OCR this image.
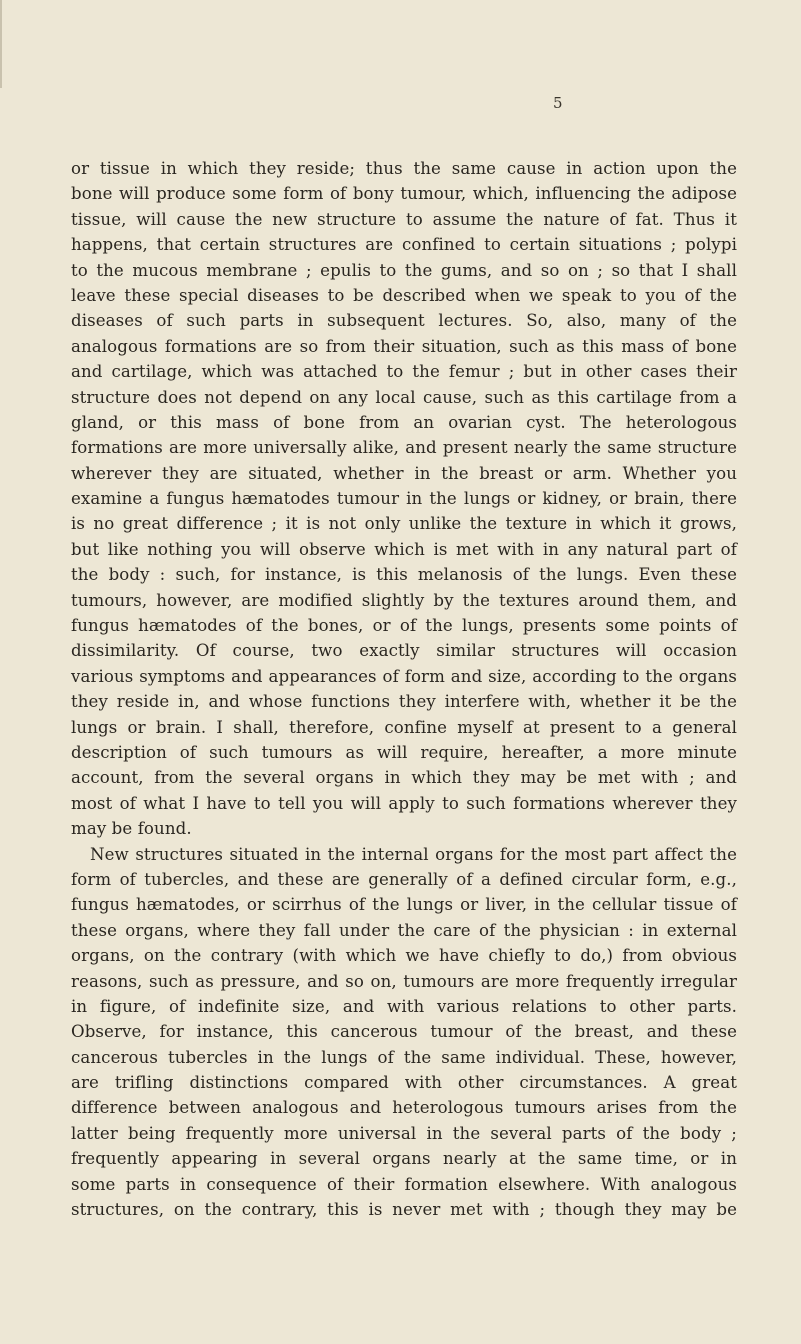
5
or tissue in which they reside; thus the same cause in action upon the
bone will produce some form of bony tumour, which, influencing the adipose
tissue, will cause the new structure to assume the nature of fat. Thus it
happens, that certain structures are confined to certain situations ; polypi
to the mucous membrane ; epulis to the gums, and so on ; so that I shall
leave these special diseases to be described when we speak to you of the
diseases of such parts in subsequent lectures. So, also, many of the
analogous formations are so from their situation, such as this mass of bone
and cartilage, which was attached to the femur ; but in other cases their
structure does not depend on any local cause, such as this cartilage from a
gland, or this mass of bone from an ovarian cyst. The heterologous
formations are more universally alike, and present nearly the same structure
wherever they are situated, whether in the breast or arm. Whether you
examine a fungus hæmatodes tumour in the lungs or kidney, or brain, there
is no great difference ; it is not only unlike the texture in which it grows,
but like nothing you will observe which is met with in any natural part of
the body : such, for instance, is this melanosis of the lungs. Even these
tumours, however, are modified slightly by the textures around them, and
fungus hæmatodes of the bones, or of the lungs, presents some points of
dissimilarity. Of course, two exactly similar structures will occasion
various symptoms and appearances of form and size, according to the organs
they reside in, and whose functions they interfere with, whether it be the
lungs or brain. I shall, therefore, confine myself at present to a general
description of such tumours as will require, hereafter, a more minute
account, from the several organs in which they may be met with ; and
most of what I have to tell you will apply to such formations wherever they
may be found.
New structures situated in the internal organs for the most part affect the
form of tubercles, and these are generally of a defined circular form, e.g.,
fungus hæmatodes, or scirrhus of the lungs or liver, in the cellular tissue of
these organs, where they fall under the care of the physician : in external
organs, on the contrary (with which we have chiefly to do,) from obvious
reasons, such as pressure, and so on, tumours are more frequently irregular
in figure, of indefinite size, and with various relations to other parts.
Observe, for instance, this cancerous tumour of the breast, and these
cancerous tubercles in the lungs of the same individual. These, however,
are trifling distinctions compared with other circumstances. A great
difference between analogous and heterologous tumours arises from the
latter being frequently more universal in the several parts of the body ;
frequently appearing in several organs nearly at the same time, or in
some parts in consequence of their formation elsewhere. With analogous
structures, on the contrary, this is never met with ; though they may be
